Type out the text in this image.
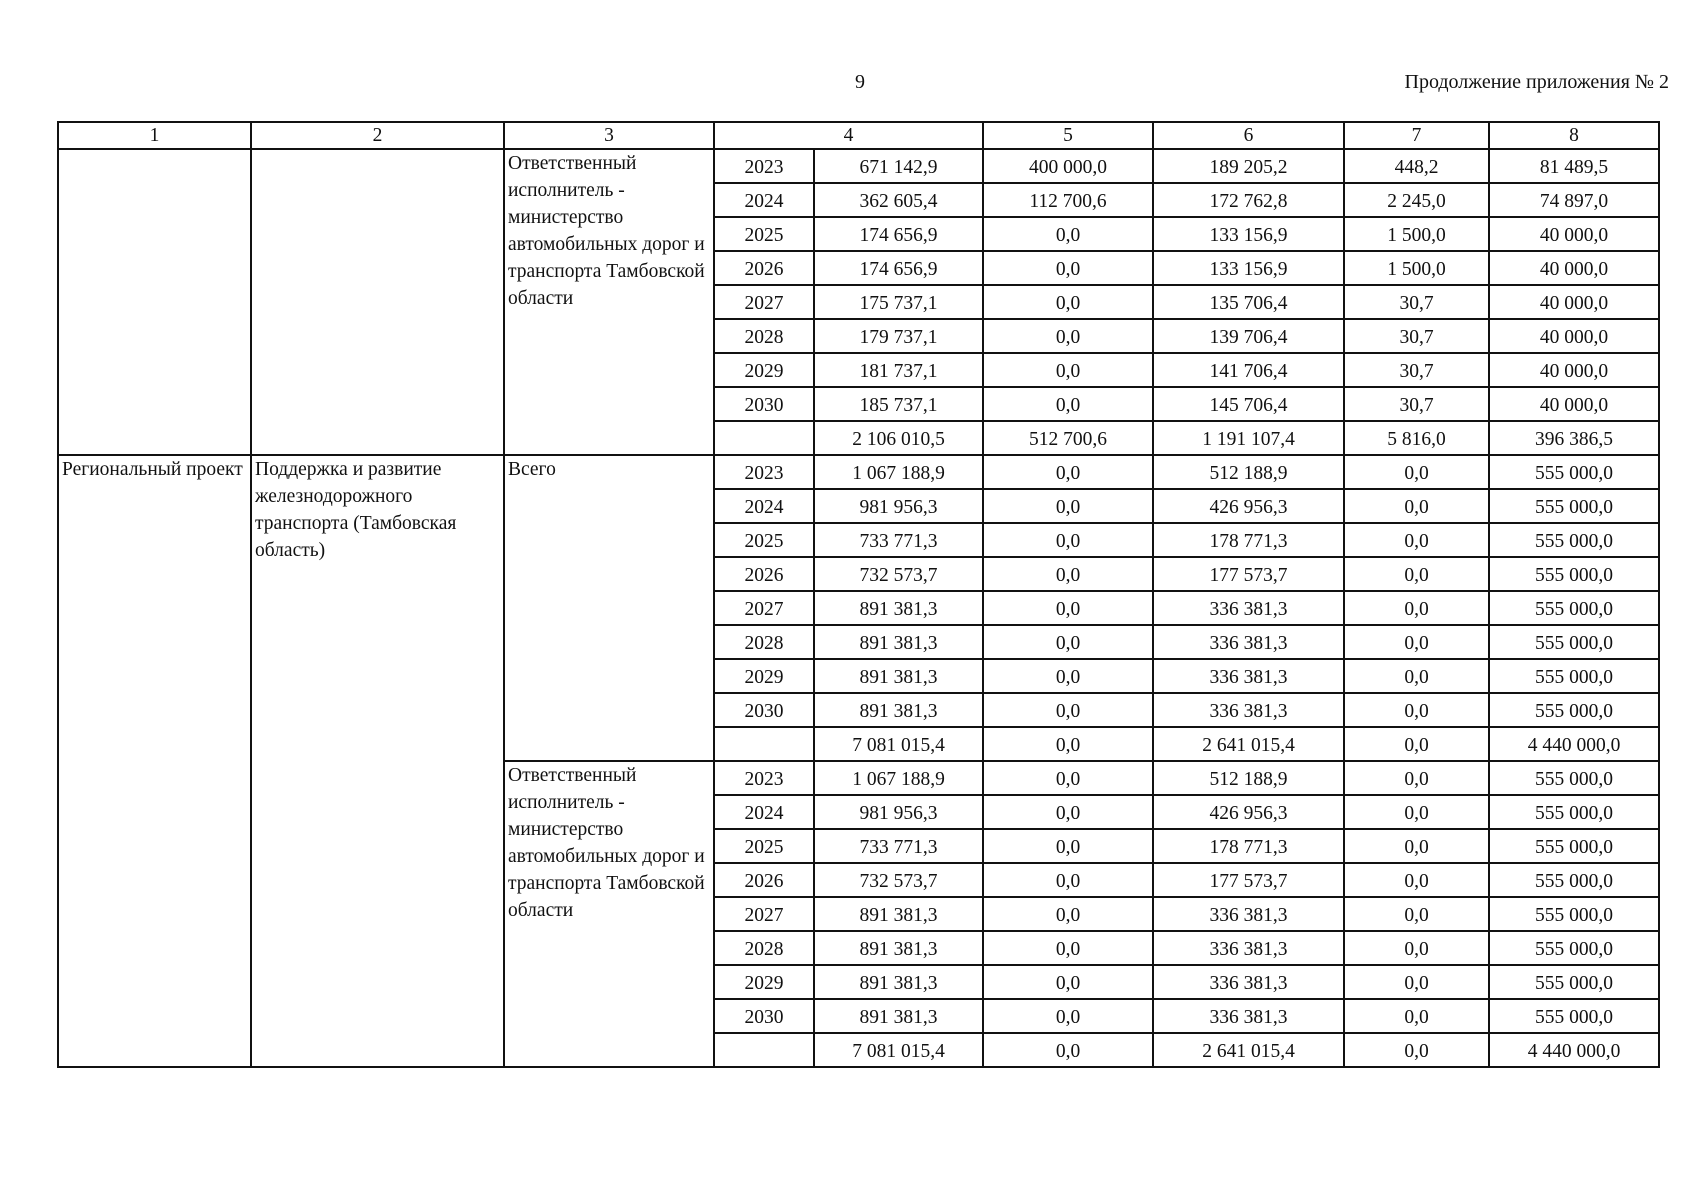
9	Продолжение приложения № 2
1	2	3	4		5	6	7	8
		Ответственный исполнитель - министерство автомобильных дорог и транспорта Тамбовской области	2023	671 142,9	400 000,0	189 205,2	448,2	81 489,5
			2024	362 605,4	112 700,6	172 762,8	2 245,0	74 897,0
			2025	174 656,9	0,0	133 156,9	1 500,0	40 000,0
			2026	174 656,9	0,0	133 156,9	1 500,0	40 000,0
			2027	175 737,1	0,0	135 706,4	30,7	40 000,0
			2028	179 737,1	0,0	139 706,4	30,7	40 000,0
			2029	181 737,1	0,0	141 706,4	30,7	40 000,0
			2030	185 737,1	0,0	145 706,4	30,7	40 000,0
				2 106 010,5	512 700,6	1 191 107,4	5 816,0	396 386,5
Региональный проект	Поддержка и развитие железнодорожного транспорта (Тамбовская область)	Всего	2023	1 067 188,9	0,0	512 188,9	0,0	555 000,0
			2024	981 956,3	0,0	426 956,3	0,0	555 000,0
			2025	733 771,3	0,0	178 771,3	0,0	555 000,0
			2026	732 573,7	0,0	177 573,7	0,0	555 000,0
			2027	891 381,3	0,0	336 381,3	0,0	555 000,0
			2028	891 381,3	0,0	336 381,3	0,0	555 000,0
			2029	891 381,3	0,0	336 381,3	0,0	555 000,0
			2030	891 381,3	0,0	336 381,3	0,0	555 000,0
				7 081 015,4	0,0	2 641 015,4	0,0	4 440 000,0
		Ответственный исполнитель - министерство автомобильных дорог и транспорта Тамбовской области	2023	1 067 188,9	0,0	512 188,9	0,0	555 000,0
			2024	981 956,3	0,0	426 956,3	0,0	555 000,0
			2025	733 771,3	0,0	178 771,3	0,0	555 000,0
			2026	732 573,7	0,0	177 573,7	0,0	555 000,0
			2027	891 381,3	0,0	336 381,3	0,0	555 000,0
			2028	891 381,3	0,0	336 381,3	0,0	555 000,0
			2029	891 381,3	0,0	336 381,3	0,0	555 000,0
			2030	891 381,3	0,0	336 381,3	0,0	555 000,0
				7 081 015,4	0,0	2 641 015,4	0,0	4 440 000,0
